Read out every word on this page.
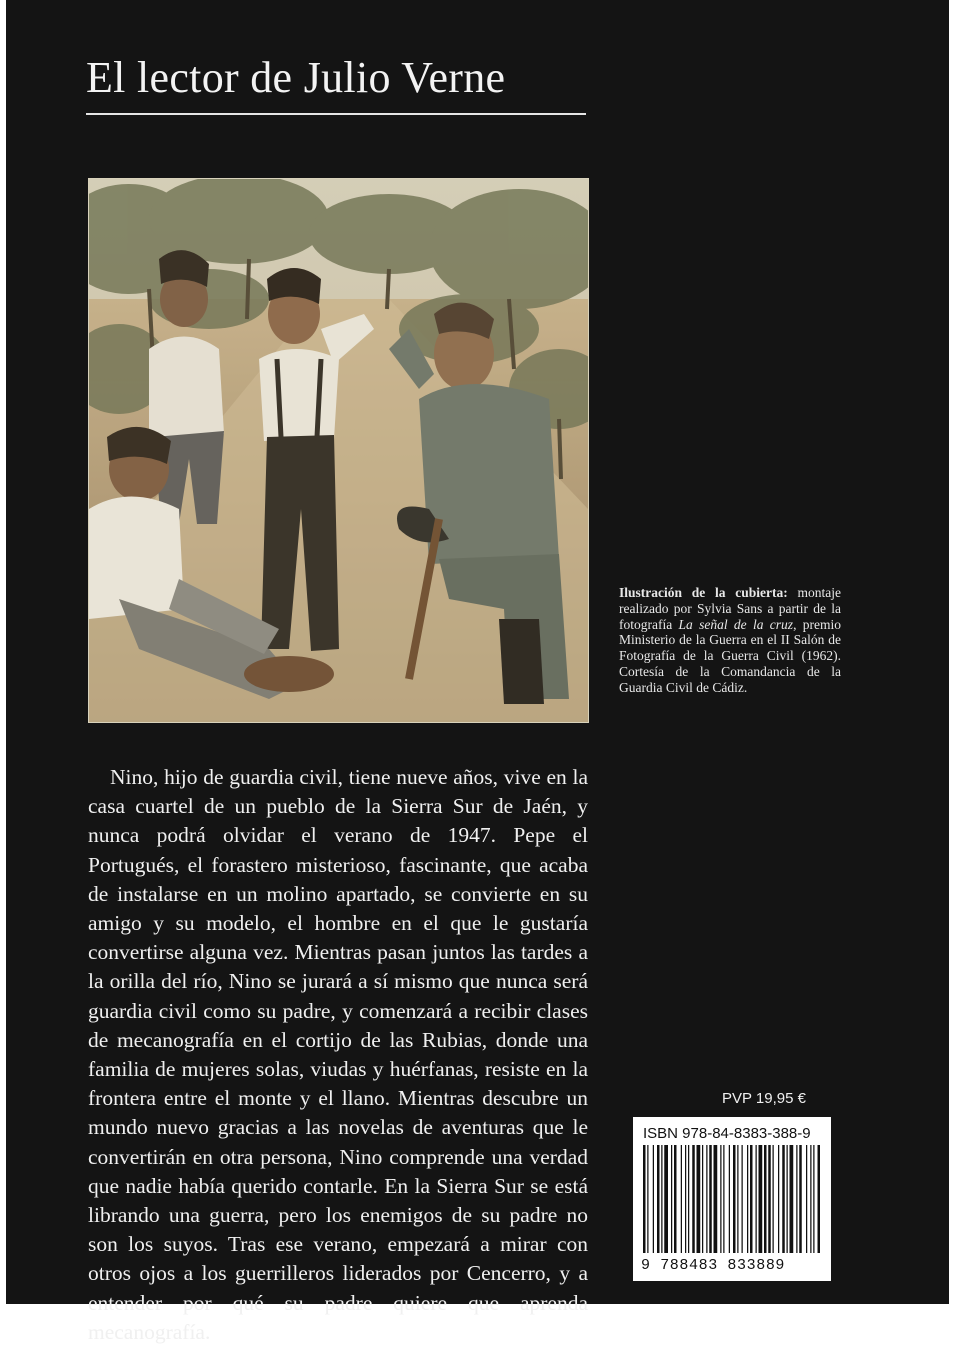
El lector de Julio Verne
Ilustración de la cubierta: montaje realizado por Sylvia Sans a partir de la fotografía La señal de la cruz, premio Ministerio de la Guerra en el II Salón de Fotografía de la Guerra Civil (1962). Cortesía de la Comandancia de la Guardia Civil de Cádiz.
Nino, hijo de guardia civil, tiene nueve años, vive en la casa cuartel de un pueblo de la Sierra Sur de Jaén, y nunca podrá olvidar el verano de 1947. Pepe el Portugués, el forastero misterioso, fascinante, que acaba de instalarse en un molino apartado, se convierte en su amigo y su modelo, el hombre en el que le gustaría convertirse alguna vez. Mientras pasan juntos las tardes a la orilla del río, Nino se jurará a sí mismo que nunca será guardia civil como su padre, y comenzará a recibir clases de mecanografía en el cortijo de las Rubias, donde una familia de mujeres solas, viudas y huérfanas, resiste en la frontera entre el monte y el llano. Mientras descubre un mundo nuevo gracias a las novelas de aventuras que le convertirán en otra persona, Nino comprende una verdad que nadie había querido contarle. En la Sierra Sur se está librando una guerra, pero los enemigos de su padre no son los suyos. Tras ese verano, empezará a mirar con otros ojos a los guerrilleros liderados por Cencerro, y a entender por qué su padre quiere que aprenda mecanografía.
PVP 19,95 €
ISBN 978-84-8383-388-9
9 788483 833889
